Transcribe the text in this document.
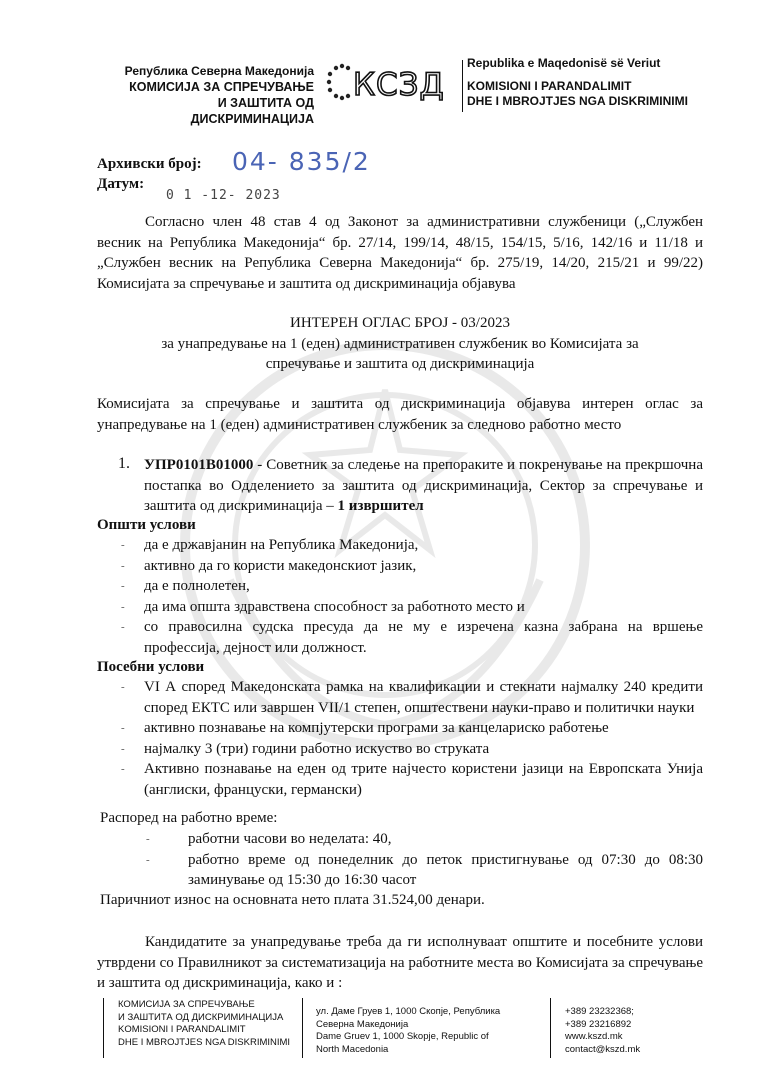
Република Северна Македонија
КОМИСИЈА ЗА СПРЕЧУВАЊЕ
И ЗАШТИТА ОД ДИСКРИМИНАЦИЈА
КСЗД
Republika e Maqedonisë së Veriut
KOMISIONI I PARANDALIMIT
DHE I MBROJTJES NGA DISKRIMINIMI
Архивски број: 04- 835/2
Датум:
0 1 -12- 2023
Согласно член 48 став 4 од Законот за административни службеници („Службен весник на Република Македонија“ бр. 27/14, 199/14, 48/15, 154/15, 5/16, 142/16 и 11/18 и „Службен весник на Република Северна Македонија“ бр. 275/19, 14/20, 215/21 и 99/22) Комисијата за спречување и заштита од дискриминација објавува
ИНТЕРЕН ОГЛАС БРОЈ - 03/2023
за унапредување на 1 (еден) административен службеник во Комисијата за
спречување и заштита од дискриминација
Комисијата за спречување и заштита од дискриминација објавува интерен оглас за унапредување на 1 (еден) административен службеник за следново работно место
1. УПР0101В01000 - Советник за следење на препораките и покренување на прекршочна постапка во Одделението за заштита од дискриминација, Сектор за спречување и заштита од дискриминација – 1 извршител
Општи услови
- да е државјанин на Република Македонија,
- активно да го користи македонскиот јазик,
- да е полнолетен,
- да има општа здравствена способност за работното место и
- со правосилна судска пресуда да не му е изречена казна забрана на вршење профессија, дејност или должност.
Посебни услови
- VI А според Македонската рамка на квалификации и стекнати најмалку 240 кредити според ЕКТС или завршен VII/1 степен, општествени науки-право и политички науки
- активно познавање на компјутерски програми за канцелариско работење
- најмалку 3 (три) години работно искуство во струката
- Активно познавање на еден од трите најчесто користени јазици на Европската Унија (англиски, француски, германски)
Распоред на работно време:
-	работни часови во неделата: 40,
-	работно време од понеделник до петок пристигнување од 07:30 до 08:30 заминување од 15:30 до 16:30 часот
Паричниот износ на основната нето плата 31.524,00 денари.
Кандидатите за унапредување треба да ги исполнуваат општите и посебните услови утврдени со Правилникот за систематизација на работните места во Комисијата за спречување и заштита од дискриминација, како и :
КОМИСИЈА ЗА СПРЕЧУВАЊЕ
И ЗАШТИТА ОД ДИСКРИМИНАЦИЈА
KOMISIONI I PARANDALIMIT
DHE I MBROJTJES NGA DISKRIMINIMI
ул. Даме Груев 1, 1000 Скопје, Република
Северна Македонија
Dame Gruev 1, 1000 Skopje, Republic of
North Macedonia
+389 23232368;
+389 23216892
www.kszd.mk
contact@kszd.mk
